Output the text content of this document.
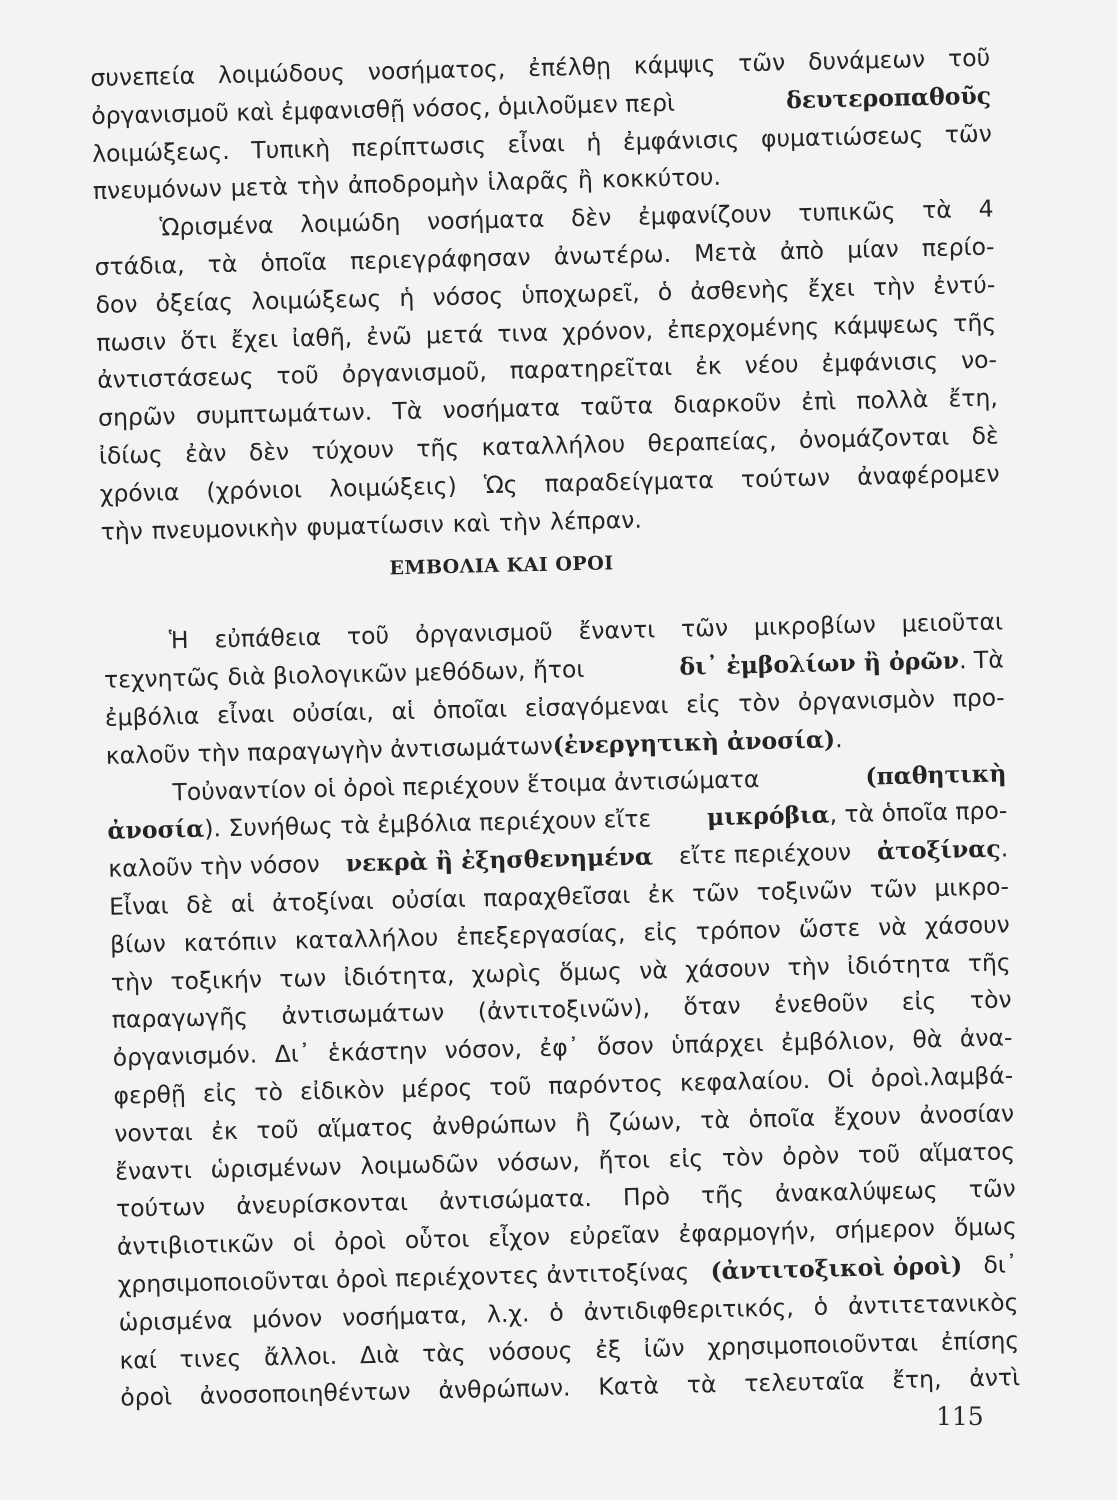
συνεπεία λοιμώδους νοσήματος, ἐπέλθῃ κάμψις τῶν δυνάμεων τοῦ
ὀργανισμοῦ καὶ ἐμφανισθῇ νόσος, ὁμιλοῦμεν περὶ	δευτεροπαθοῦς
λοιμώξεως. Τυπικὴ περίπτωσις εἶναι ἡ ἐμφάνισις φυματιώσεως τῶν
πνευμόνων μετὰ τὴν ἀποδρομὴν ἱλαρᾶς ἢ κοκκύτου.
Ὡρισμένα λοιμώδη νοσήματα δὲν ἐμφανίζουν τυπικῶς τὰ 4
στάδια, τὰ ὁποῖα περιεγράφησαν ἀνωτέρω. Μετὰ ἀπὸ μίαν περίο-
δον ὀξείας λοιμώξεως ἡ νόσος ὑποχωρεῖ, ὁ ἀσθενὴς ἔχει τὴν ἐντύ-
πωσιν ὅτι ἔχει ἰαθῆ, ἐνῶ μετά τινα χρόνον, ἐπερχομένης κάμψεως τῆς
ἀντιστάσεως τοῦ ὀργανισμοῦ, παρατηρεῖται ἐκ νέου ἐμφάνισις νο-
σηρῶν συμπτωμάτων. Τὰ νοσήματα ταῦτα διαρκοῦν ἐπὶ πολλὰ ἔτη,
ἰδίως ἐὰν δὲν τύχουν τῆς καταλλήλου θεραπείας, ὀνομάζονται δὲ
χρόνια (χρόνιοι λοιμώξεις) Ὡς παραδείγματα τούτων ἀναφέρομεν
τὴν πνευμονικὴν φυματίωσιν καὶ τὴν λέπραν.
ΕΜΒΟΛΙΑ ΚΑΙ ΟΡΟΙ
Ἡ εὐπάθεια τοῦ ὀργανισμοῦ ἔναντι τῶν μικροβίων μειοῦται
τεχνητῶς διὰ βιολογικῶν μεθόδων, ἤτοι	δι᾿ ἐμβολίων ἢ ὀρῶν. Τὰ
ἐμβόλια εἶναι οὐσίαι, αἱ ὁποῖαι εἰσαγόμεναι εἰς τὸν ὀργανισμὸν προ-
καλοῦν τὴν παραγωγὴν ἀντισωμάτων (ἐνεργητικὴ ἀνοσία) .
Τοὐναντίον οἱ ὀροὶ περιέχουν ἕτοιμα ἀντισώματα	(παθητικὴ
ἀνοσία). Συνήθως τὰ ἐμβόλια περιέχουν εἴτε μικρόβια, τὰ ὁποῖα προ-
καλοῦν τὴν νόσον νεκρὰ ἢ ἐξησθενημένα εἴτε περιέχουν ἀτοξίνας.
Εἶναι δὲ αἱ ἀτοξίναι οὐσίαι παραχθεῖσαι ἐκ τῶν τοξινῶν τῶν μικρο-
βίων κατόπιν καταλλήλου ἐπεξεργασίας, εἰς τρόπον ὥστε νὰ χάσουν
τὴν τοξικήν των ἰδιότητα, χωρὶς ὅμως νὰ χάσουν τὴν ἰδιότητα τῆς
παραγωγῆς ἀντισωμάτων (ἀντιτοξινῶν), ὅταν ἐνεθοῦν εἰς τὸν
ὀργανισμόν. Δι᾿ ἑκάστην νόσον, ἐφ᾿ ὅσον ὑπάρχει ἐμβόλιον, θὰ ἀνα-
φερθῇ εἰς τὸ εἰδικὸν μέρος τοῦ παρόντος κεφαλαίου. Οἱ ὀροὶ.λαμβά-
νονται ἐκ τοῦ αἵματος ἀνθρώπων ἢ ζώων, τὰ ὁποῖα ἔχουν ἀνοσίαν
ἔναντι ὡρισμένων λοιμωδῶν νόσων, ἤτοι εἰς τὸν ὀρὸν τοῦ αἵματος
τούτων ἀνευρίσκονται ἀντισώματα. Πρὸ τῆς ἀνακαλύψεως τῶν
ἀντιβιοτικῶν οἱ ὀροὶ οὗτοι εἶχον εὐρεῖαν ἐφαρμογήν, σήμερον ὅμως
χρησιμοποιοῦνται ὀροὶ περιέχοντες ἀντιτοξίνας (ἀντιτοξικοὶ ὀροὶ) δι᾿
ὡρισμένα μόνον νοσήματα, λ.χ. ὁ ἀντιδιφθεριτικός, ὁ ἀντιτετανικὸς
καί τινες ἄλλοι. Διὰ τὰς νόσους ἐξ ἰῶν χρησιμοποιοῦνται ἐπίσης
ὀροὶ ἀνοσοποιηθέντων ἀνθρώπων. Κατὰ τὰ τελευταῖα ἔτη, ἀντὶ
115
